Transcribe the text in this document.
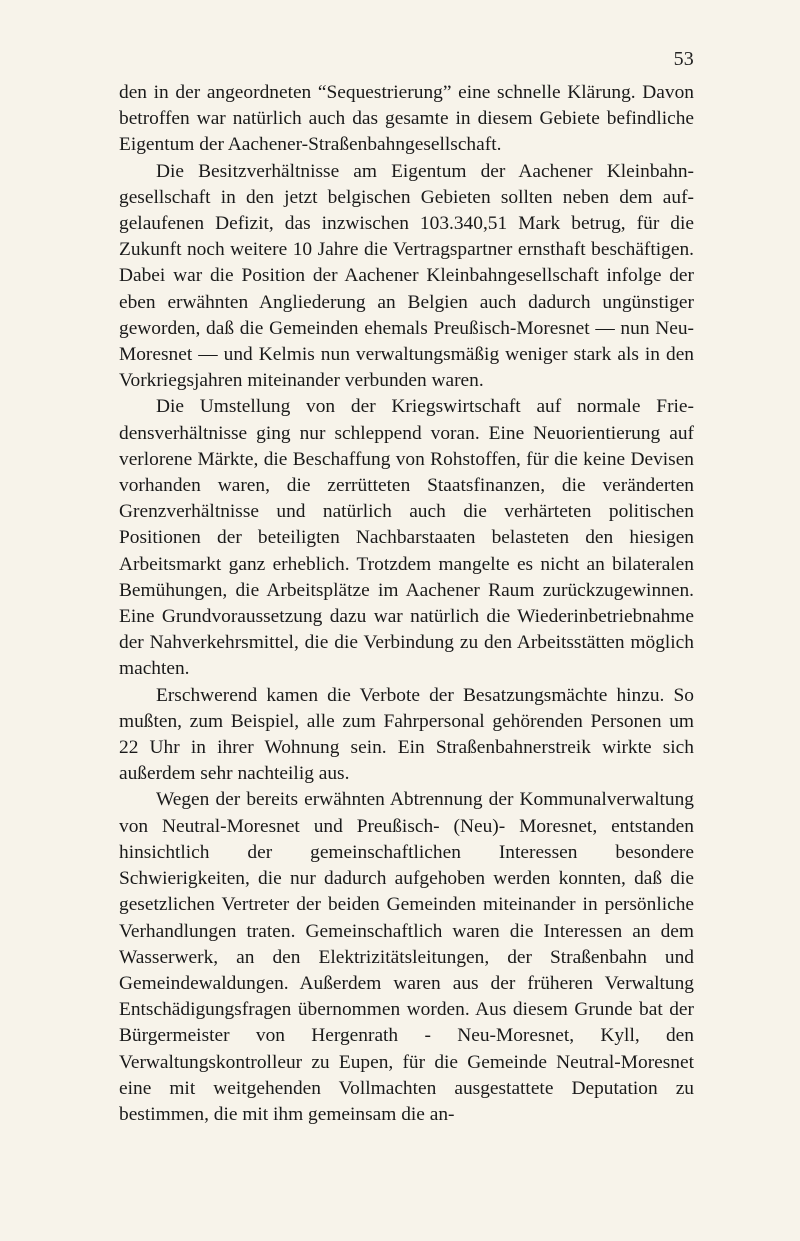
53

den in der angeordneten “Sequestrierung” eine schnelle Klärung. Davon betroffen war natürlich auch das gesamte in diesem Gebiete befindliche Eigentum der Aachener-Straßenbahngesellschaft.

Die Besitzverhältnisse am Eigentum der Aachener Kleinbahngesellschaft in den jetzt belgischen Gebieten sollten neben dem aufgelaufenen Defizit, das inzwischen 103.340,51 Mark betrug, für die Zukunft noch weitere 10 Jahre die Vertragspartner ernsthaft beschäftigen. Dabei war die Position der Aachener Kleinbahngesellschaft infolge der eben erwähnten Angliederung an Belgien auch dadurch ungünstiger geworden, daß die Gemeinden ehemals Preußisch-Moresnet — nun Neu-Moresnet — und Kelmis nun verwaltungsmäßig weniger stark als in den Vorkriegsjahren miteinander verbunden waren.

Die Umstellung von der Kriegswirtschaft auf normale Friedensverhältnisse ging nur schleppend voran. Eine Neuorientierung auf verlorene Märkte, die Beschaffung von Rohstoffen, für die keine Devisen vorhanden waren, die zerrütteten Staatsfinanzen, die veränderten Grenzverhältnisse und natürlich auch die verhärteten politischen Positionen der beteiligten Nachbarstaaten belasteten den hiesigen Arbeitsmarkt ganz erheblich. Trotzdem mangelte es nicht an bilateralen Bemühungen, die Arbeitsplätze im Aachener Raum zurückzugewinnen. Eine Grundvoraussetzung dazu war natürlich die Wiederinbetriebnahme der Nahverkehrsmittel, die die Verbindung zu den Arbeitsstätten möglich machten.

Erschwerend kamen die Verbote der Besatzungsmächte hinzu. So mußten, zum Beispiel, alle zum Fahrpersonal gehörenden Personen um 22 Uhr in ihrer Wohnung sein. Ein Straßenbahnerstreik wirkte sich außerdem sehr nachteilig aus.

Wegen der bereits erwähnten Abtrennung der Kommunalverwaltung von Neutral-Moresnet und Preußisch- (Neu)- Moresnet, entstanden hinsichtlich der gemeinschaftlichen Interessen besondere Schwierigkeiten, die nur dadurch aufgehoben werden konnten, daß die gesetzlichen Vertreter der beiden Gemeinden miteinander in persönliche Verhandlungen traten. Gemeinschaftlich waren die Interessen an dem Wasserwerk, an den Elektrizitätsleitungen, der Straßenbahn und Gemeindewaldungen. Außerdem waren aus der früheren Verwaltung Entschädigungsfragen übernommen worden. Aus diesem Grunde bat der Bürgermeister von Hergenrath - Neu-Moresnet, Kyll, den Verwaltungskontrolleur zu Eupen, für die Gemeinde Neutral-Moresnet eine mit weitgehenden Vollmachten ausgestattete Deputation zu bestimmen, die mit ihm gemeinsam die an-
